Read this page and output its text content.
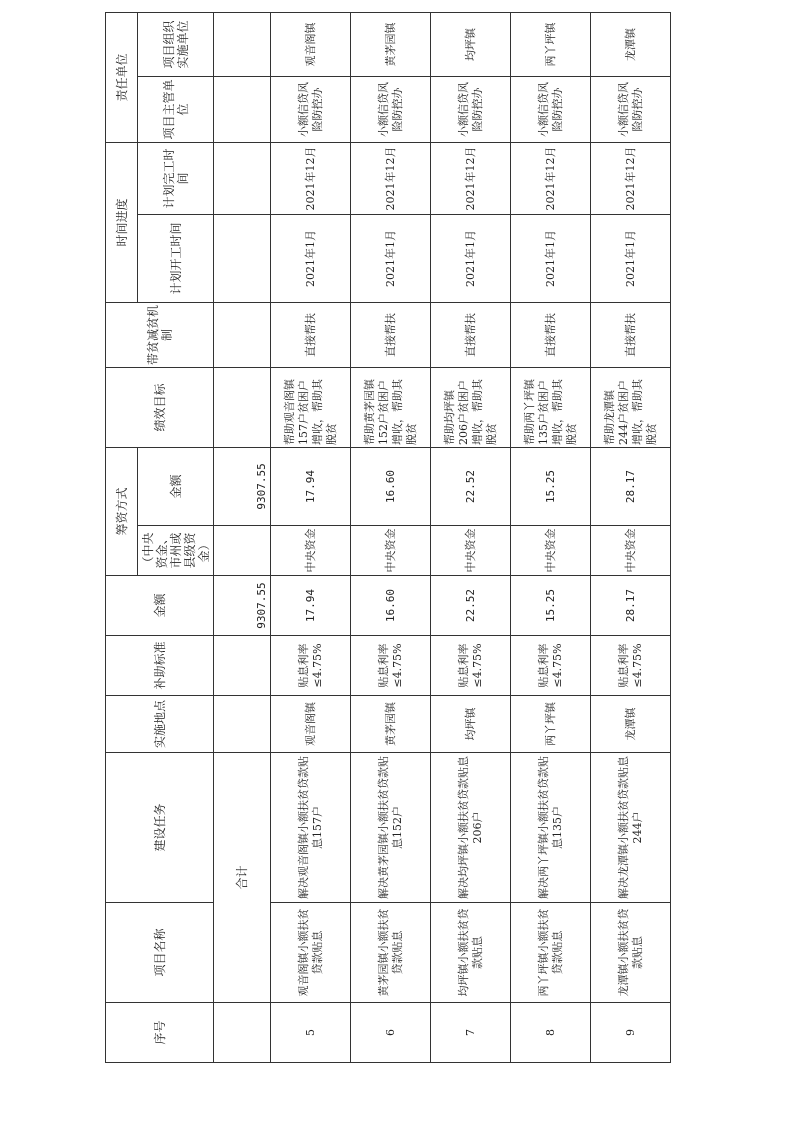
序号	项目名称	建设任务	实施地点	补助标准	金额	筹资方式		绩效目标	带贫减贫机制	时间进度		责任单位	
						（中央资金、市州或县级资金）	金额			计划开工时间	计划完工时间	项目主管单位	项目组织实施单位
	合计				9307.55		9307.55						
5	观音阁镇小额扶贫贷款贴息	解决观音阁镇小额扶贫贷款贴息157户	观音阁镇	贴息利率≤4.75%	17.94	中央资金	17.94	帮助观音阁镇157户贫困户增收，帮助其脱贫	直接帮扶	2021年1月	2021年12月	小额信贷风险防控办	观音阁镇
6	黄茅园镇小额扶贫贷款贴息	解决黄茅园镇小额扶贫贷款贴息152户	黄茅园镇	贴息利率≤4.75%	16.60	中央资金	16.60	帮助黄茅园镇152户贫困户增收，帮助其脱贫	直接帮扶	2021年1月	2021年12月	小额信贷风险防控办	黄茅园镇
7	均坪镇小额扶贫贷款贴息	解决均坪镇小额扶贫贷款贴息206户	均坪镇	贴息利率≤4.75%	22.52	中央资金	22.52	帮助均坪镇206户贫困户增收，帮助其脱贫	直接帮扶	2021年1月	2021年12月	小额信贷风险防控办	均坪镇
8	两丫坪镇小额扶贫贷款贴息	解决两丫坪镇小额扶贫贷款贴息135户	两丫坪镇	贴息利率≤4.75%	15.25	中央资金	15.25	帮助两丫坪镇135户贫困户增收，帮助其脱贫	直接帮扶	2021年1月	2021年12月	小额信贷风险防控办	两丫坪镇
9	龙潭镇小额扶贫贷款贴息	解决龙潭镇小额扶贫贷款贴息244户	龙潭镇	贴息利率≤4.75%	28.17	中央资金	28.17	帮助龙潭镇244户贫困户增收，帮助其脱贫	直接帮扶	2021年1月	2021年12月	小额信贷风险防控办	龙潭镇
